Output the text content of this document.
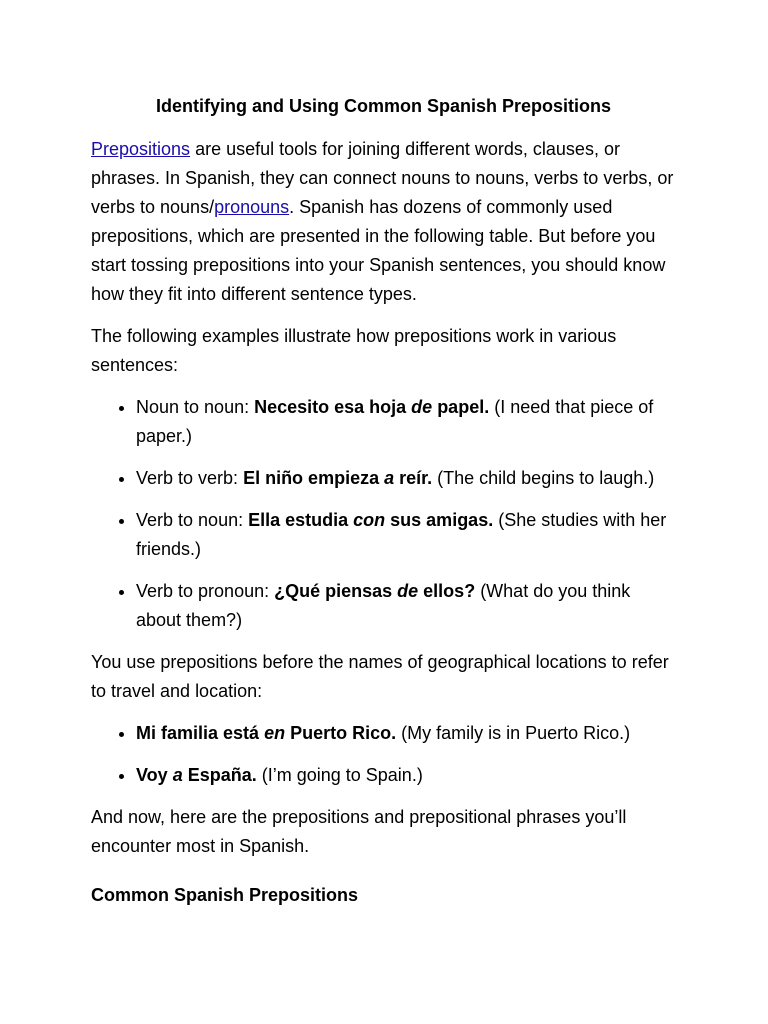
Identifying and Using Common Spanish Prepositions

Prepositions are useful tools for joining different words, clauses, or phrases. In Spanish, they can connect nouns to nouns, verbs to verbs, or verbs to nouns/pronouns. Spanish has dozens of commonly used prepositions, which are presented in the following table. But before you start tossing prepositions into your Spanish sentences, you should know how they fit into different sentence types.

The following examples illustrate how prepositions work in various sentences:

• Noun to noun: Necesito esa hoja de papel. (I need that piece of paper.)
• Verb to verb: El niño empieza a reír. (The child begins to laugh.)
• Verb to noun: Ella estudia con sus amigas. (She studies with her friends.)
• Verb to pronoun: ¿Qué piensas de ellos? (What do you think about them?)

You use prepositions before the names of geographical locations to refer to travel and location:

• Mi familia está en Puerto Rico. (My family is in Puerto Rico.)
• Voy a España. (I’m going to Spain.)

And now, here are the prepositions and prepositional phrases you’ll encounter most in Spanish.

Common Spanish Prepositions
